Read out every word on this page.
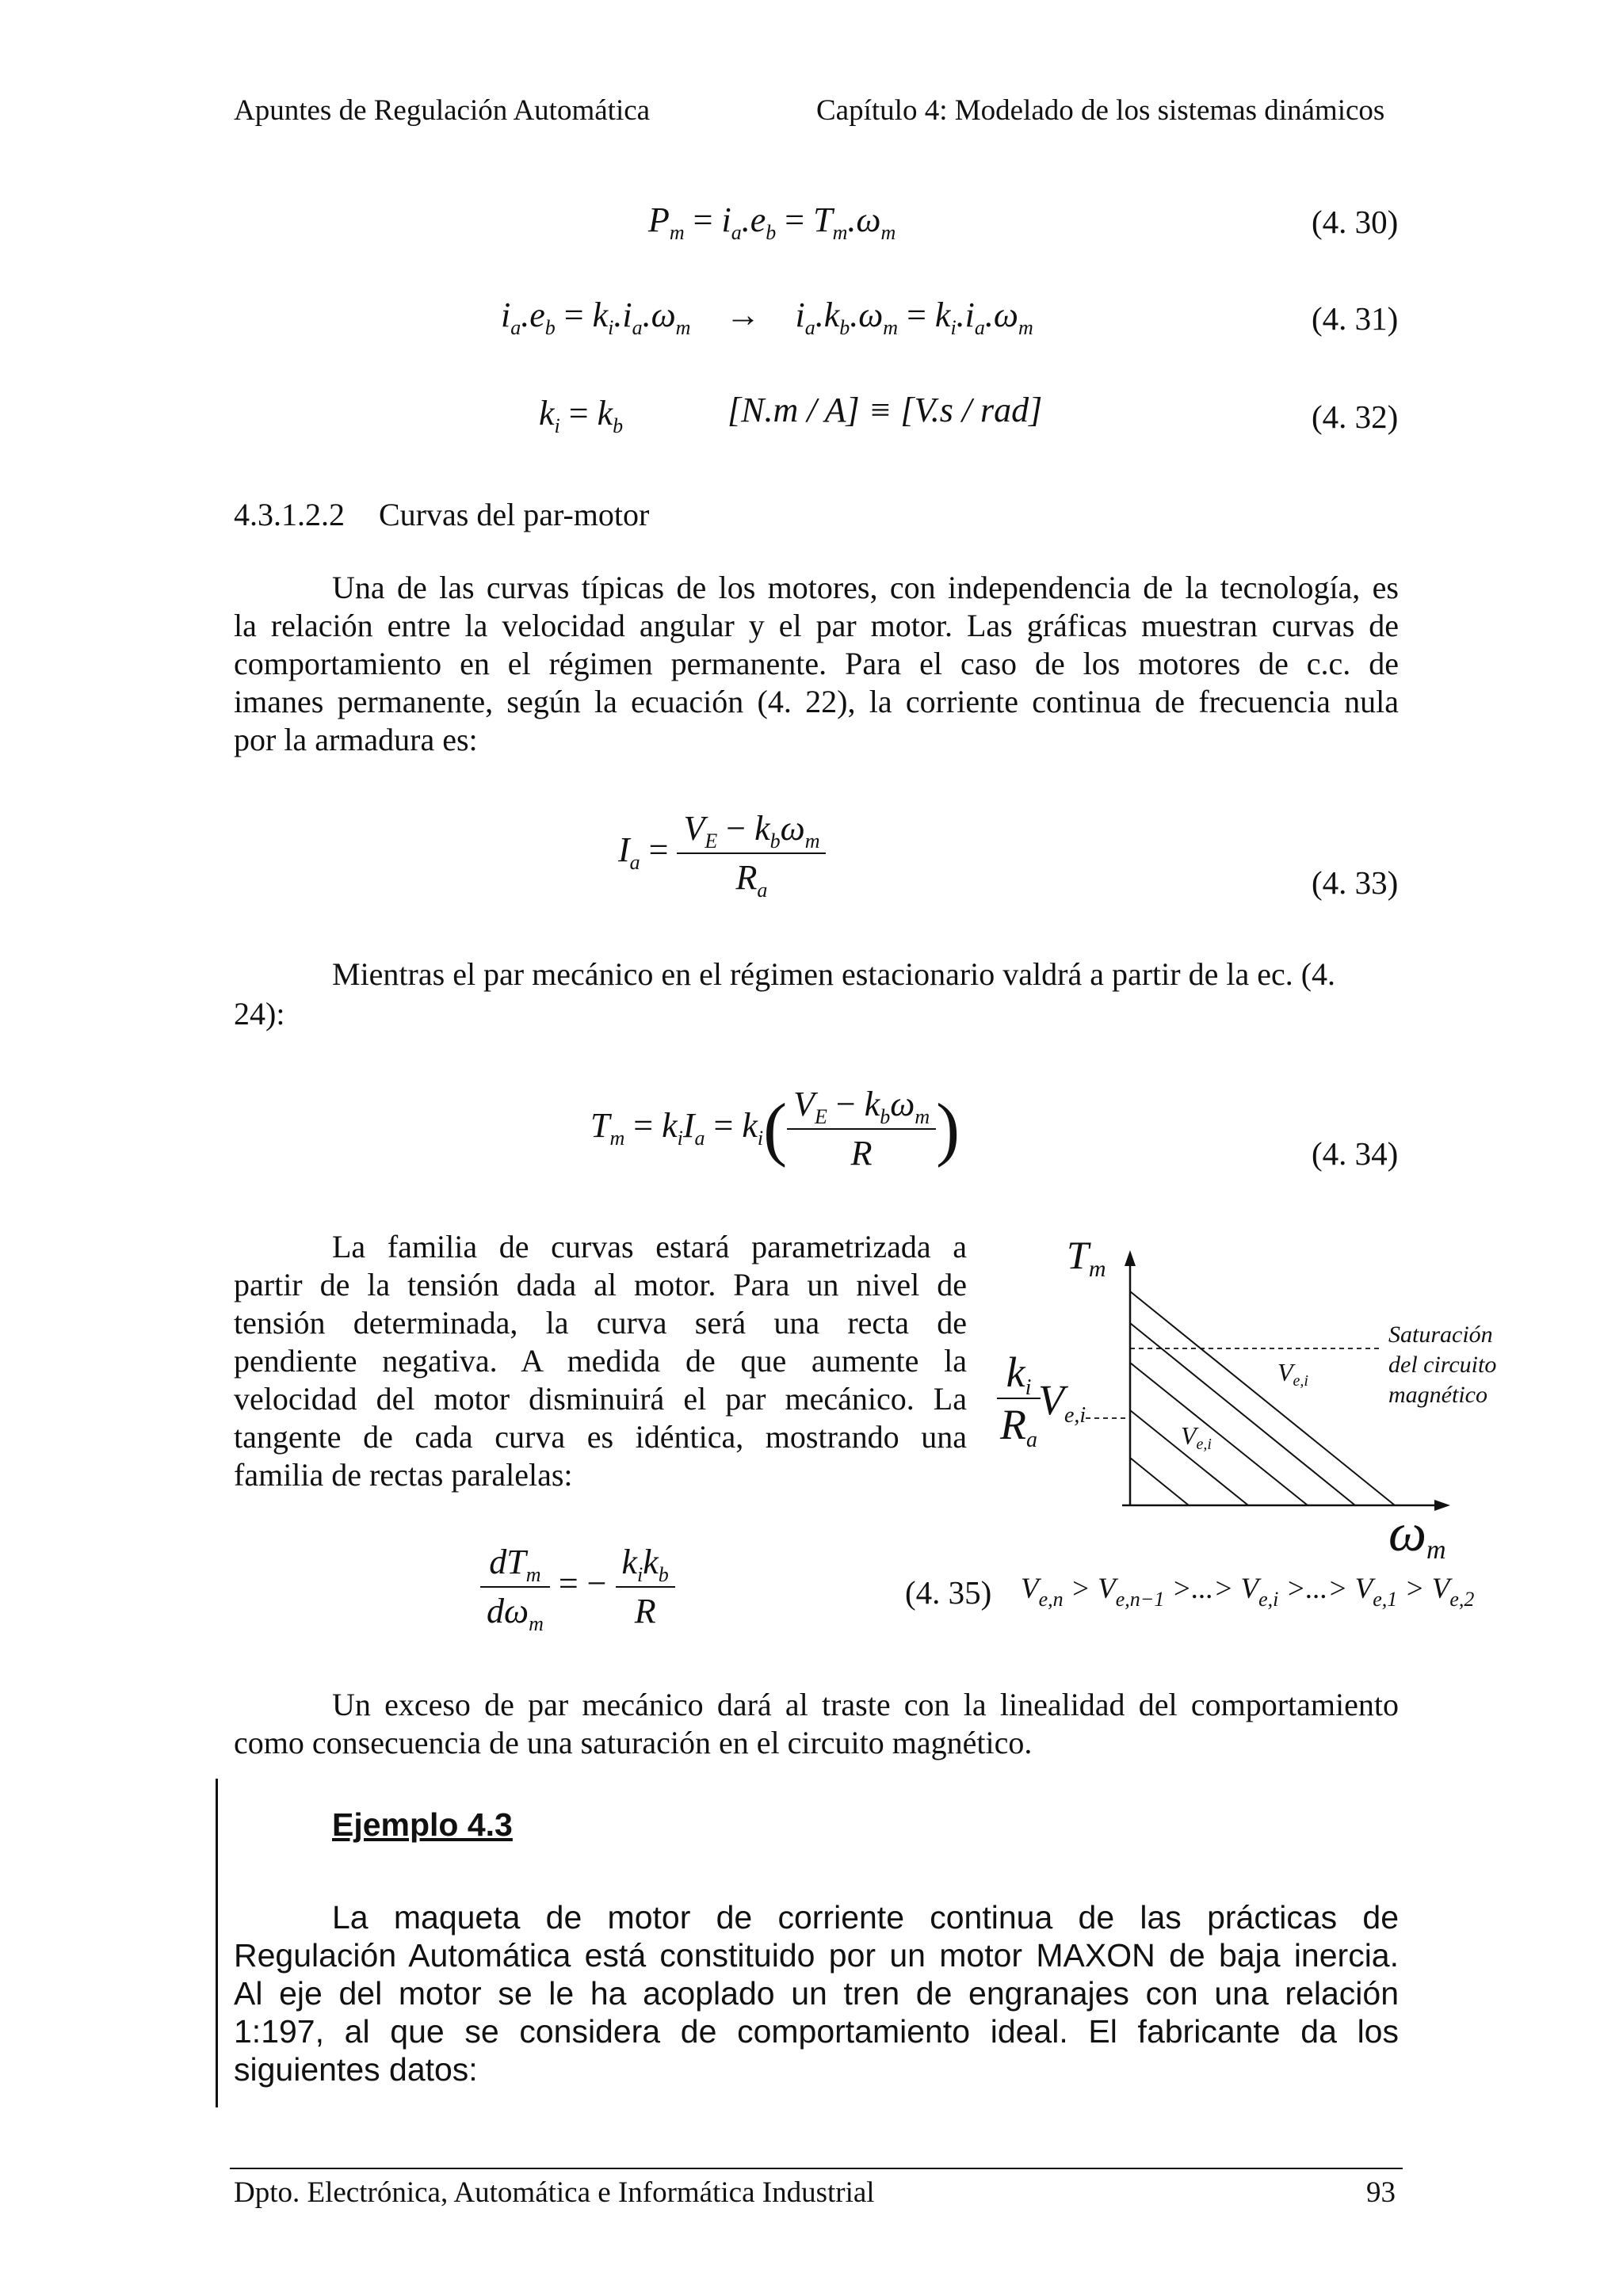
Apuntes de Regulación Automática	Capítulo 4: Modelado de los sistemas dinámicos
$P_m = i_a.e_b = T_m.\omega_m$	(4. 30)
$i_a.e_b = k_i.i_a.\omega_m$ →    $i_a.k_b.\omega_m = k_i.i_a.\omega_m$	(4. 31)
$k_i = k_b$	[N.m / A] ≡ [V.s / rad]	(4. 32)
4.3.1.2.2 Curvas del par-motor
Una de las curvas típicas de los motores, con independencia de la tecnología, es
la relación entre la velocidad angular y el par motor. Las gráficas muestran curvas de
comportamiento en el régimen permanente. Para el caso de los motores de c.c. de
imanes permanente, según la ecuación (4. 22), la corriente continua de frecuencia nula
por la armadura es:
$I_a = \frac{V_E - k_b\omega_m}{R_a}$	(4. 33)
Mientras el par mecánico en el régimen estacionario valdrá a partir de la ec. (4.
24):
$T_m = k_iI_a = k_i( \frac{V_E - k_b\omega_m}{R}$ )	(4. 34)
La familia de curvas estará parametrizada a
partir de la tensión dada al motor. Para un nivel de
tensión determinada, la curva será una recta de
pendiente negativa. A medida de que aumente la
velocidad del motor disminuirá el par mecánico. La
tangente de cada curva es idéntica, mostrando una
familia de rectas paralelas:
$T_m$
$\omega_m$
Saturación
del circuito
magnético
$V_{e,i}$
$V_{e,i}$
$\frac{k_i}{R_a}$
$V_{e,i}$
$\frac{dT_m}{d\omega_m}$ = − $\frac{k_ik_b}{R}$	(4. 35) $V_{e,n} > V_{e,n-1}$ >...> $V_{e,i}$ >...> $V_{e,1} > V_{e,2}$
Un exceso de par mecánico dará al traste con la linealidad del comportamiento
como consecuencia de una saturación en el circuito magnético.
Ejemplo 4.3
La maqueta de motor de corriente continua de las prácticas de
Regulación Automática está constituido por un motor MAXON de baja inercia.
Al eje del motor se le ha acoplado un tren de engranajes con una relación
1:197, al que se considera de comportamiento ideal. El fabricante da los
siguientes datos:
Dpto. Electrónica, Automática e Informática Industrial	93
